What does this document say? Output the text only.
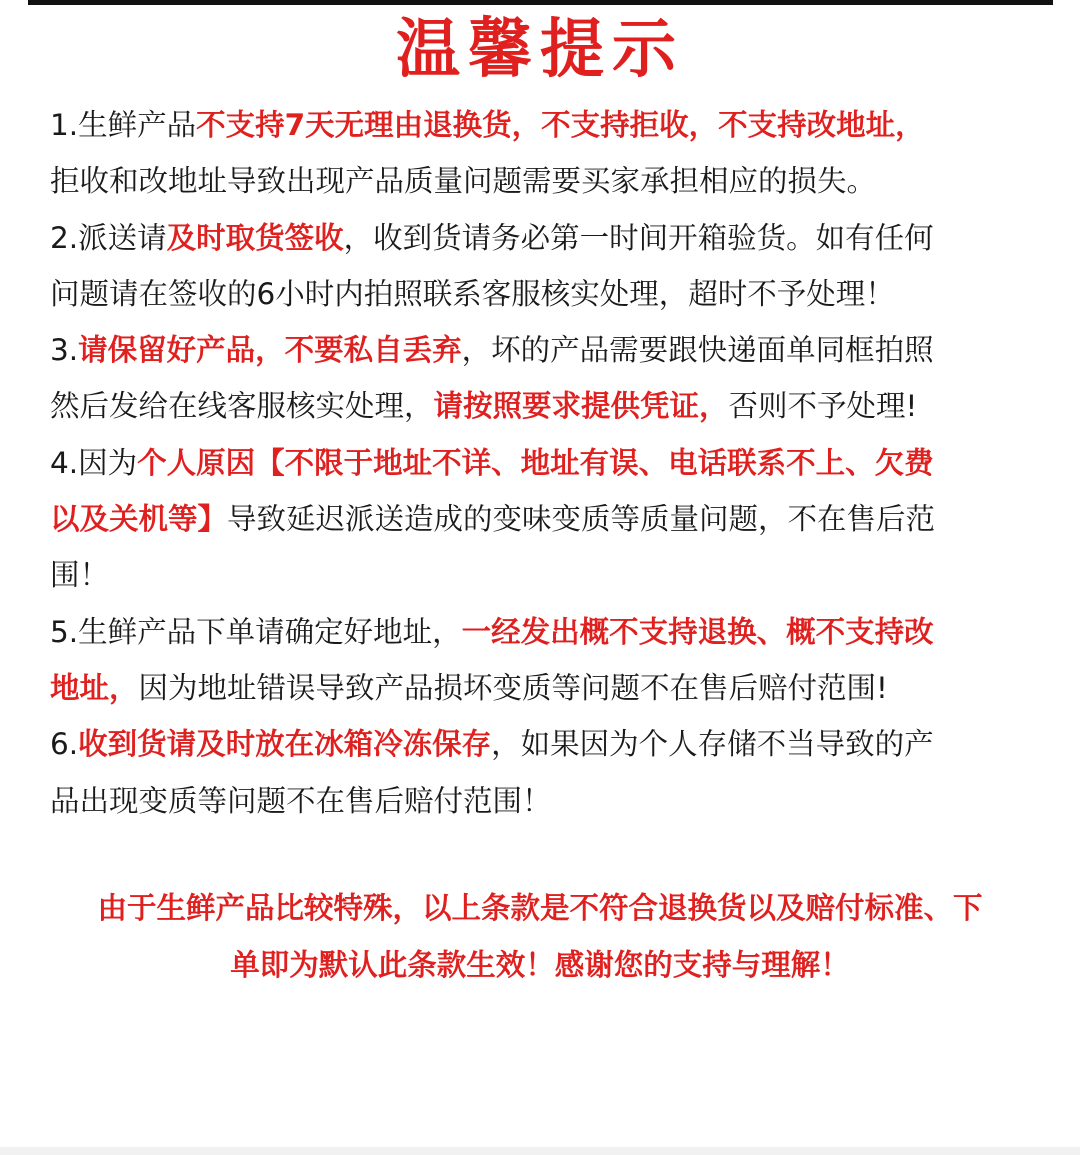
温馨提示
1.生鲜产品不支持7天无理由退换货，不支持拒收，不支持改地址，
拒收和改地址导致出现产品质量问题需要买家承担相应的损失。
2.派送请及时取货签收，收到货请务必第一时间开箱验货。如有任何
问题请在签收的6小时内拍照联系客服核实处理，超时不予处理！
3.请保留好产品，不要私自丢弃，坏的产品需要跟快递面单同框拍照
然后发给在线客服核实处理，请按照要求提供凭证，否则不予处理!
4.因为个人原因【不限于地址不详、地址有误、电话联系不上、欠费
以及关机等】导致延迟派送造成的变味变质等质量问题，不在售后范
围！
5.生鲜产品下单请确定好地址，一经发出概不支持退换、概不支持改
地址，因为地址错误导致产品损坏变质等问题不在售后赔付范围!
6.收到货请及时放在冰箱冷冻保存，如果因为个人存储不当导致的产
品出现变质等问题不在售后赔付范围！
由于生鲜产品比较特殊，以上条款是不符合退换货以及赔付标准、下
单即为默认此条款生效！感谢您的支持与理解！
